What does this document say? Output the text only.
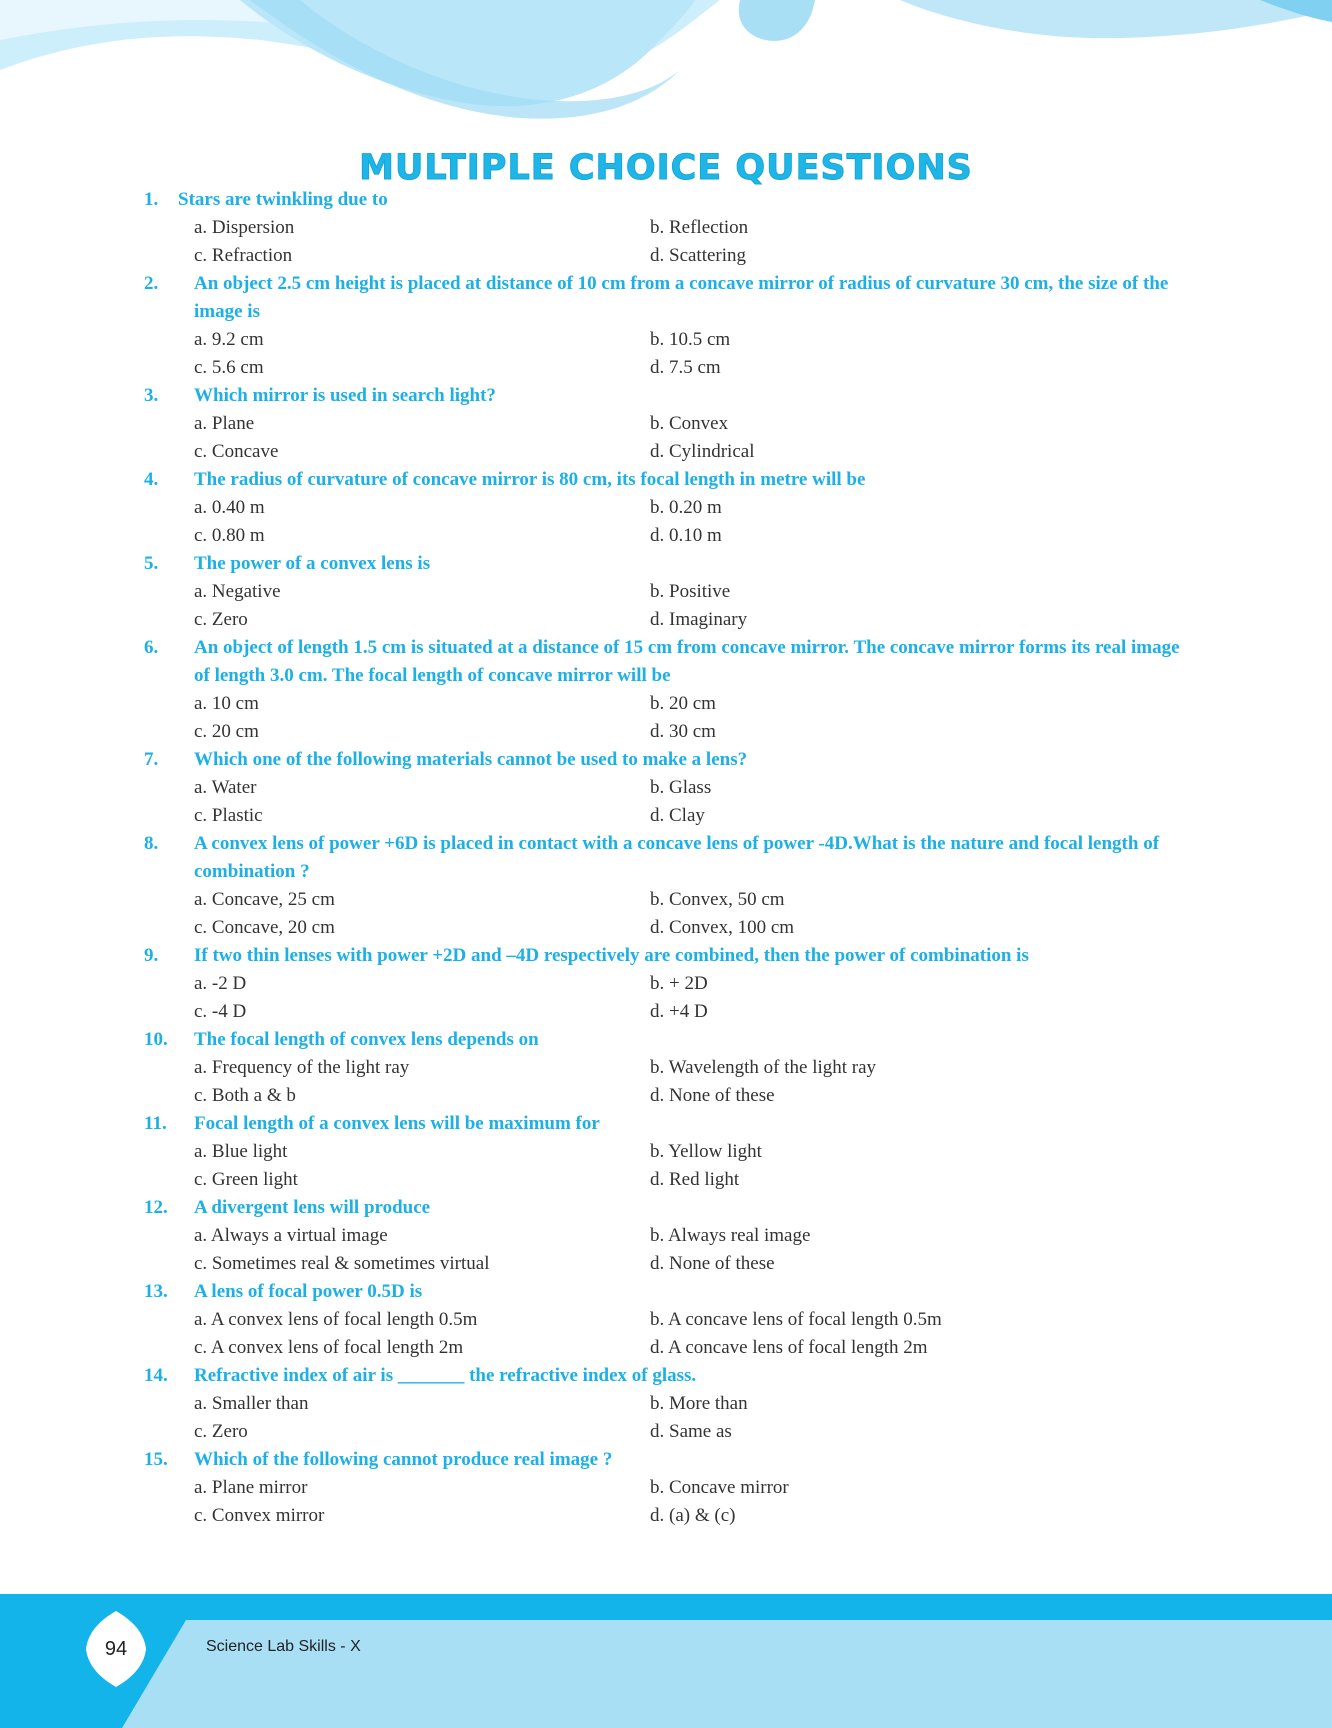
MULTIPLE CHOICE QUESTIONS
1. Stars are twinkling due to
a. Dispersion	b. Reflection
c. Refraction	d. Scattering
2. An object 2.5 cm height is placed at distance of 10 cm from a concave mirror of radius of curvature 30 cm, the size of the image is
a. 9.2 cm	b. 10.5 cm
c. 5.6 cm	d. 7.5 cm
3. Which mirror is used in search light?
a. Plane	b. Convex
c. Concave	d. Cylindrical
4. The radius of curvature of concave mirror is 80 cm, its focal length in metre will be
a. 0.40 m	b. 0.20 m
c. 0.80 m	d. 0.10 m
5. The power of a convex lens is
a. Negative	b. Positive
c. Zero	d. Imaginary
6. An object of length 1.5 cm is situated at a distance of 15 cm from concave mirror. The concave mirror forms its real image of length 3.0 cm. The focal length of concave mirror will be
a. 10 cm	b. 20 cm
c. 20 cm	d. 30 cm
7. Which one of the following materials cannot be used to make a lens?
a. Water	b. Glass
c. Plastic	d. Clay
8. A convex lens of power +6D is placed in contact with a concave lens of power -4D.What is the nature and focal length of combination ?
a. Concave, 25 cm	b. Convex, 50 cm
c. Concave, 20 cm	d. Convex, 100 cm
9. If two thin lenses with power +2D and –4D respectively are combined, then the power of combination is
a. -2 D	b. + 2D
c. -4 D	d. +4 D
10. The focal length of convex lens depends on
a. Frequency of the light ray	b. Wavelength of the light ray
c. Both a & b	d. None of these
11. Focal length of a convex lens will be maximum for
a. Blue light	b. Yellow light
c. Green light	d. Red light
12. A divergent lens will produce
a. Always a virtual image	b. Always real image
c. Sometimes real & sometimes virtual	d. None of these
13. A lens of focal power 0.5D is
a. A convex lens of focal length 0.5m	b. A concave lens of focal length 0.5m
c. A convex lens of focal length 2m	d. A concave lens of focal length 2m
14. Refractive index of air is _______ the refractive index of glass.
a. Smaller than	b. More than
c. Zero	d. Same as
15. Which of the following cannot produce real image ?
a. Plane mirror	b. Concave mirror
c. Convex mirror	d. (a) & (c)
94	Science Lab Skills - X
